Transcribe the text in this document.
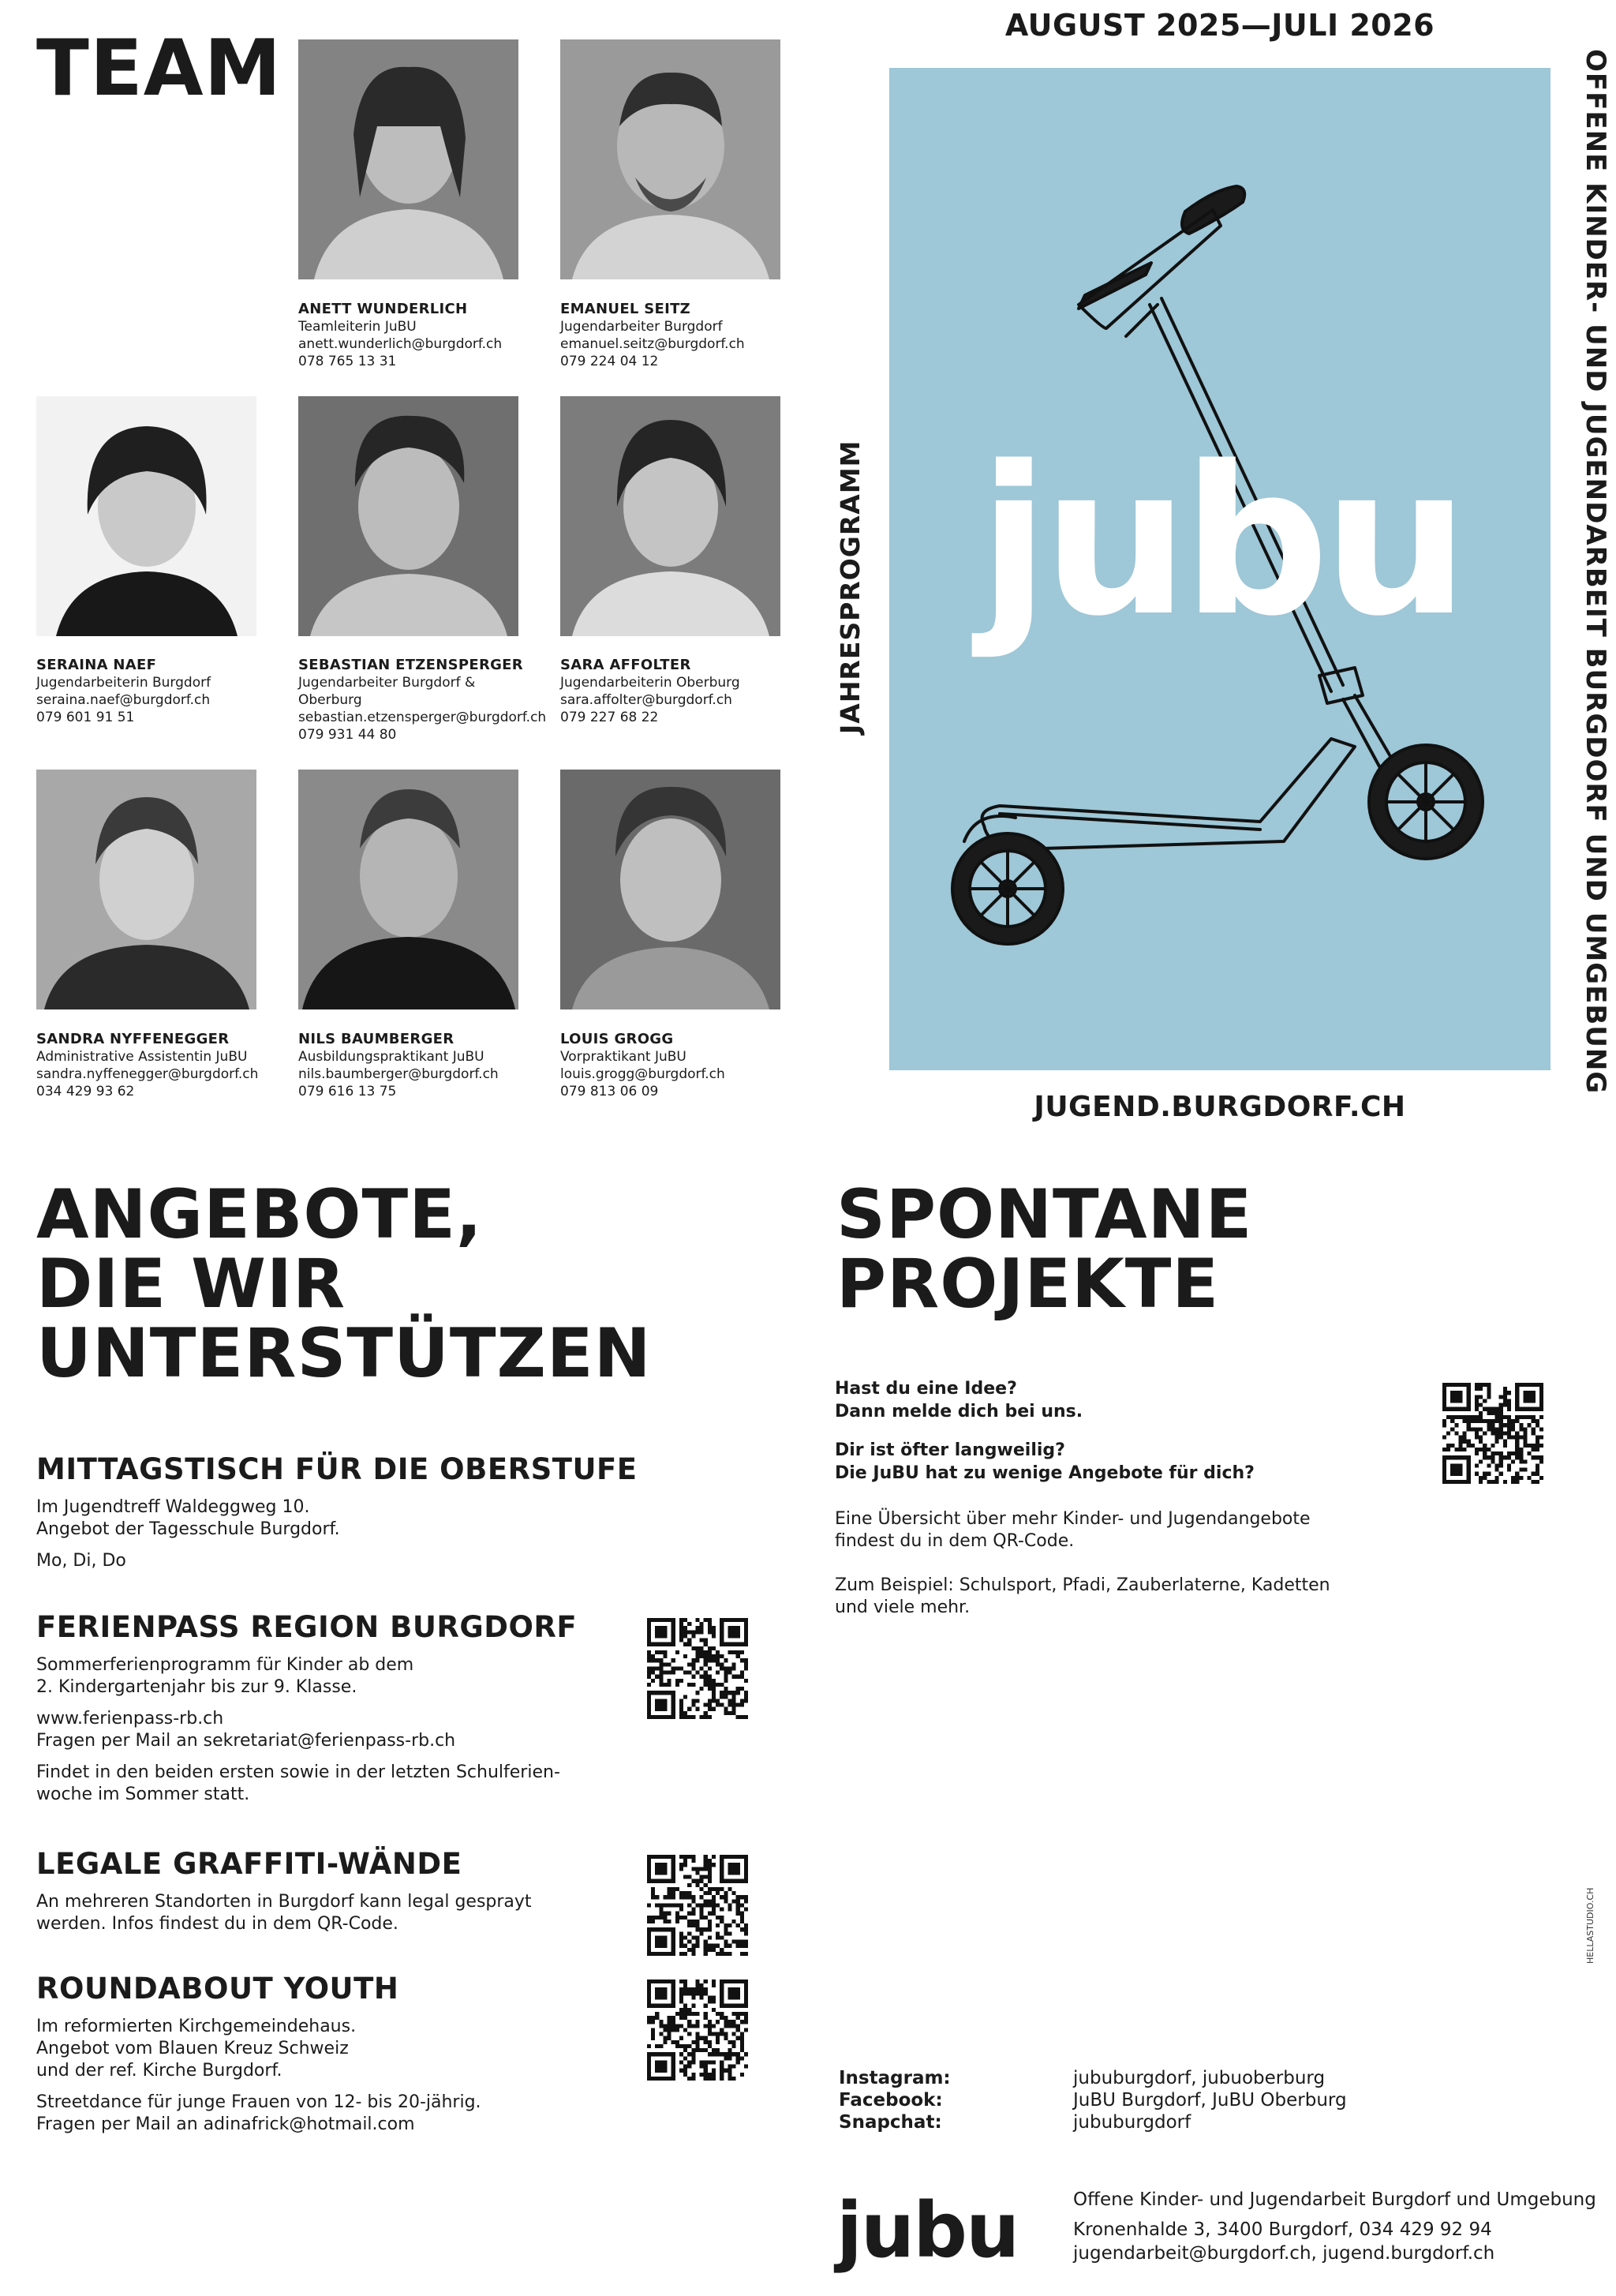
TEAM
ANETT WUNDERLICH
Teamleiterin JuBU
anett.wunderlich@burgdorf.ch
078 765 13 31
EMANUEL SEITZ
Jugendarbeiter Burgdorf
emanuel.seitz@burgdorf.ch
079 224 04 12
SERAINA NAEF
Jugendarbeiterin Burgdorf
seraina.naef@burgdorf.ch
079 601 91 51
SEBASTIAN ETZENSPERGER
Jugendarbeiter Burgdorf & Oberburg
sebastian.etzensperger@burgdorf.ch
079 931 44 80
SARA AFFOLTER
Jugendarbeiterin Oberburg
sara.affolter@burgdorf.ch
079 227 68 22
SANDRA NYFFENEGGER
Administrative Assistentin JuBU
sandra.nyffenegger@burgdorf.ch
034 429 93 62
NILS BAUMBERGER
Ausbildungspraktikant JuBU
nils.baumberger@burgdorf.ch
079 616 13 75
LOUIS GROGG
Vorpraktikant JuBU
louis.grogg@burgdorf.ch
079 813 06 09
AUGUST 2025—JULI 2026
jubu
JUGEND.BURGDORF.CH
OFFENE KINDER- UND JUGENDARBEIT BURGDORF UND UMGEBUNG
JAHRESPROGRAMM
ANGEBOTE,
DIE WIR
UNTERSTÜTZEN
MITTAGSTISCH FÜR DIE OBERSTUFE
Im Jugendtreff Waldeggweg 10.
Angebot der Tagesschule Burgdorf.
Mo, Di, Do
FERIENPASS REGION BURGDORF
Sommerferienprogramm für Kinder ab dem
2. Kindergartenjahr bis zur 9. Klasse.
www.ferienpass-rb.ch
Fragen per Mail an sekretariat@ferienpass-rb.ch
Findet in den beiden ersten sowie in der letzten Schulferien-
woche im Sommer statt.
LEGALE GRAFFITI-WÄNDE
An mehreren Standorten in Burgdorf kann legal gesprayt
werden. Infos findest du in dem QR-Code.
ROUNDABOUT YOUTH
Im reformierten Kirchgemeindehaus.
Angebot vom Blauen Kreuz Schweiz
und der ref. Kirche Burgdorf.
Streetdance für junge Frauen von 12- bis 20-jährig.
Fragen per Mail an adinafrick@hotmail.com
SPONTANE
PROJEKTE
Hast du eine Idee?
Dann melde dich bei uns.
Dir ist öfter langweilig?
Die JuBU hat zu wenige Angebote für dich?
Eine Übersicht über mehr Kinder- und Jugendangebote
findest du in dem QR-Code.
Zum Beispiel: Schulsport, Pfadi, Zauberlaterne, Kadetten
und viele mehr.
Instagram:
Facebook:
Snapchat:
jububurgdorf, jubuoberburg
JuBU Burgdorf, JuBU Oberburg
jububurgdorf
jubu	Offene Kinder- und Jugendarbeit Burgdorf und Umgebung
Kronenhalde 3, 3400 Burgdorf, 034 429 92 94
jugendarbeit@burgdorf.ch, jugend.burgdorf.ch
HELLASTUDIO.CH
